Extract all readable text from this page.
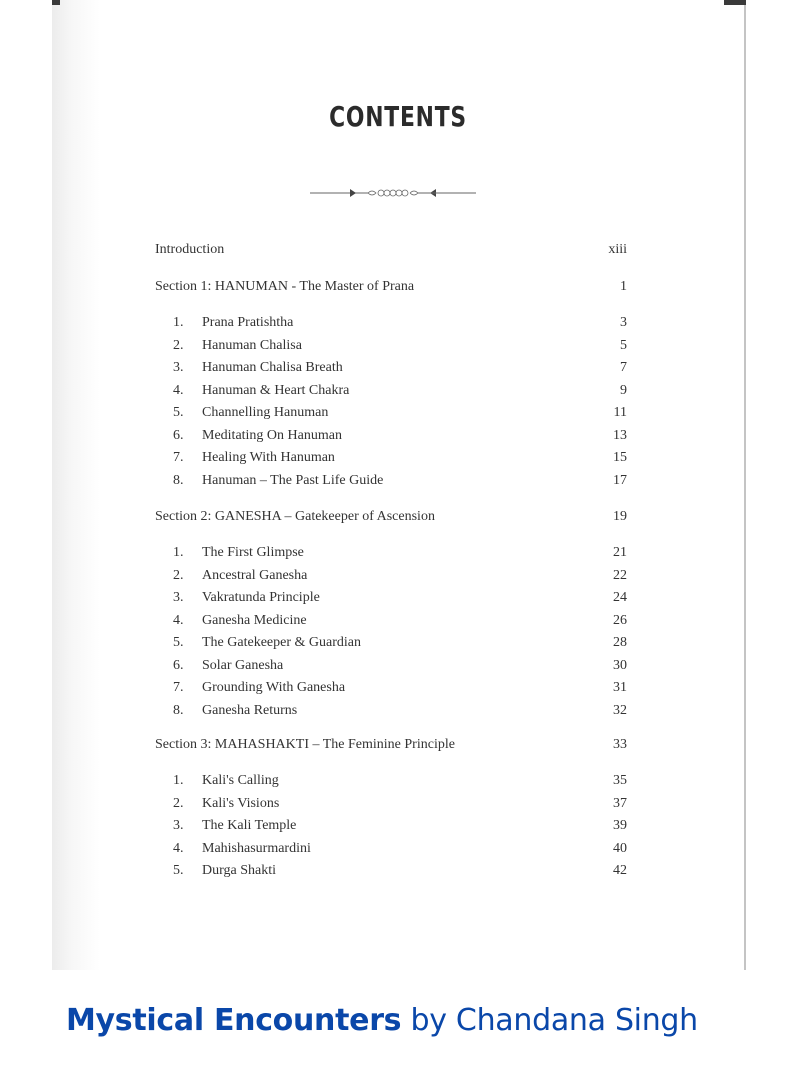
CONTENTS
Introduction	xiii
Section 1: HANUMAN - The Master of Prana	1
1. Prana Pratishtha	3
2. Hanuman Chalisa	5
3. Hanuman Chalisa Breath	7
4. Hanuman & Heart Chakra	9
5. Channelling Hanuman	11
6. Meditating On Hanuman	13
7. Healing With Hanuman	15
8. Hanuman – The Past Life Guide	17
Section 2: GANESHA – Gatekeeper of Ascension	19
1. The First Glimpse	21
2. Ancestral Ganesha	22
3. Vakratunda Principle	24
4. Ganesha Medicine	26
5. The Gatekeeper & Guardian	28
6. Solar Ganesha	30
7. Grounding With Ganesha	31
8. Ganesha Returns	32
Section 3: MAHASHAKTI – The Feminine Principle	33
1. Kali's Calling	35
2. Kali's Visions	37
3. The Kali Temple	39
4. Mahishasurmardini	40
5. Durga Shakti	42
Mystical Encounters by Chandana Singh
